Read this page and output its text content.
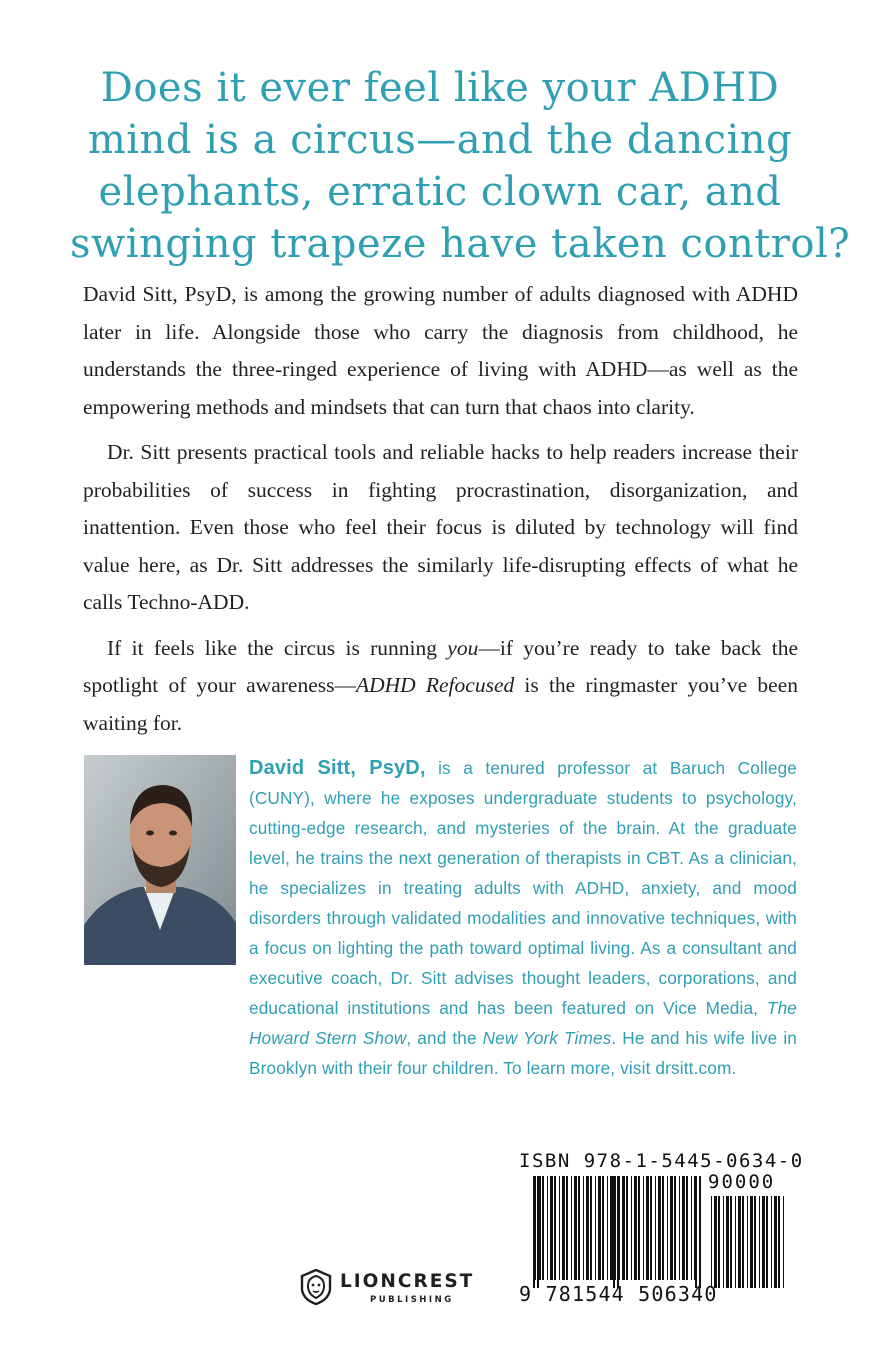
Does it ever feel like your ADHD
mind is a circus—and the dancing
elephants, erratic clown car, and
swinging trapeze have taken control?

David Sitt, PsyD, is among the growing number of adults diagnosed with ADHD later in life. Alongside those who carry the diagnosis from childhood, he understands the three-ringed experience of living with ADHD—as well as the empowering methods and mindsets that can turn that chaos into clarity.

Dr. Sitt presents practical tools and reliable hacks to help readers increase their probabilities of success in fighting procrastination, disorganization, and inattention. Even those who feel their focus is diluted by technology will find value here, as Dr. Sitt addresses the similarly life-disrupting effects of what he calls Techno-ADD.

If it feels like the circus is running you—if you’re ready to take back the spotlight of your awareness—ADHD Refocused is the ringmaster you’ve been waiting for.

David Sitt, PsyD, is a tenured professor at Baruch College (CUNY), where he exposes undergraduate students to psychology, cutting-edge research, and mysteries of the brain. At the graduate level, he trains the next generation of therapists in CBT. As a clinician, he specializes in treating adults with ADHD, anxiety, and mood disorders through validated modalities and innovative techniques, with a focus on lighting the path toward optimal living. As a consultant and executive coach, Dr. Sitt advises thought leaders, corporations, and educational institutions and has been featured on Vice Media, The Howard Stern Show, and the New York Times. He and his wife live in Brooklyn with their four children. To learn more, visit drsitt.com.
ISBN 978-1-5445-0634-0
90000
9 781544 506340
LIONCREST
PUBLISHING
